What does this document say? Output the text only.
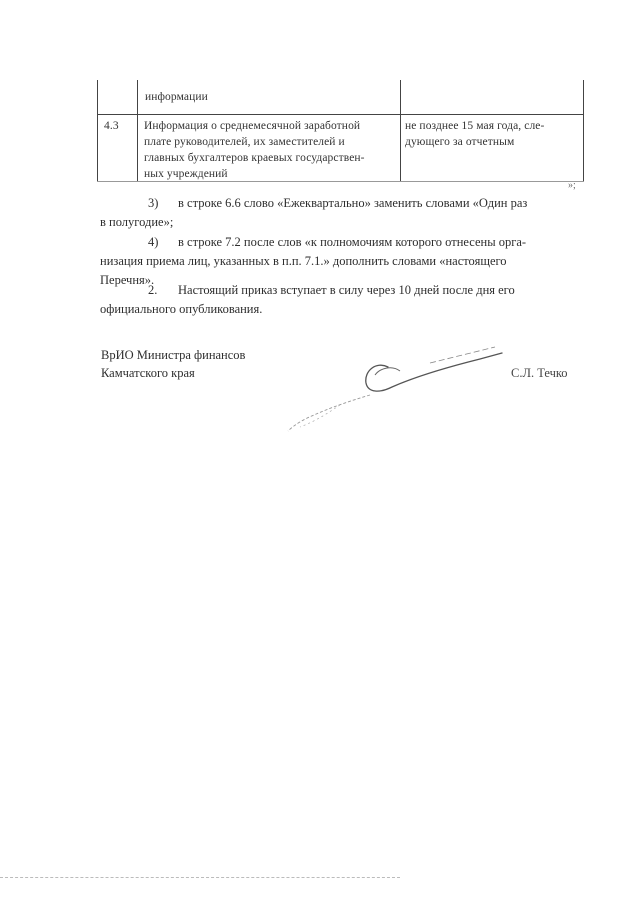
информации
4.3 Информация о среднемесячной заработной
плате руководителей, их заместителей и
главных бухгалтеров краевых государствен-
ных учреждений
не позднее 15 мая года, сле-
дующего за отчетным
»;
3) в строке 6.6 слово «Ежеквартально» заменить словами «Один раз
в полугодие»;
4) в строке 7.2 после слов «к полномочиям которого отнесены орга-
низация приема лиц, указанных в п.п. 7.1.» дополнить словами «настоящего
Перечня».
2. Настоящий приказ вступает в силу через 10 дней после дня его
официального опубликования.
ВрИО Министра финансов
Камчатского края	С.Л. Течко
